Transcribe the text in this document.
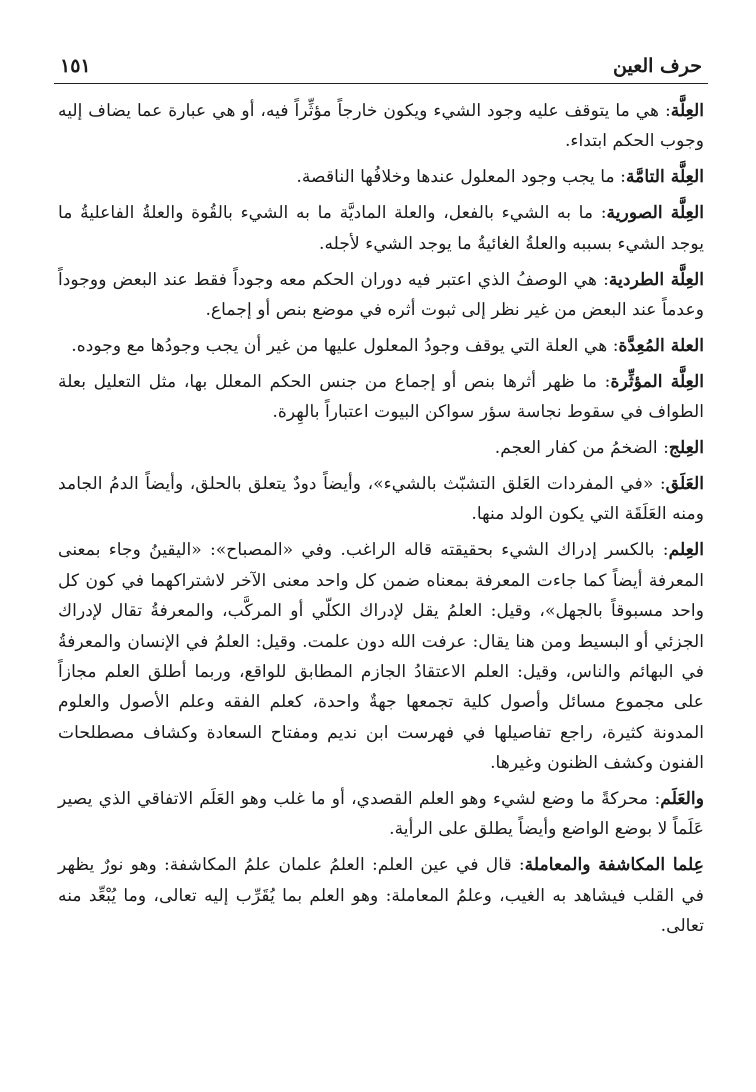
حرف العين
١٥١

العِلَّة: هي ما يتوقف عليه وجود الشيء ويكون خارجاً مؤثِّراً فيه، أو هي عبارة عما يضاف إليه وجوب الحكم ابتداء.

العِلَّة التامَّة: ما يجب وجود المعلول عندها وخلافُها الناقصة.

العِلَّة الصورية: ما به الشيء بالفعل، والعلة الماديَّة ما به الشيء بالقُوة والعلةُ الفاعليةُ ما يوجد الشيء بسببه والعلةُ الغائيةُ ما يوجد الشيء لأجله.

العِلَّة الطردية: هي الوصفُ الذي اعتبر فيه دوران الحكم معه وجوداً فقط عند البعض ووجوداً وعدماً عند البعض من غير نظر إلى ثبوت أثره في موضع بنص أو إجماع.

العلة المُعِدَّة: هي العلة التي يوقف وجودُ المعلول عليها من غير أن يجب وجودُها مع وجوده.

العِلَّة المؤثِّرة: ما ظهر أثرها بنص أو إجماع من جنس الحكم المعلل بها، مثل التعليل بعلة الطواف في سقوط نجاسة سؤر سواكن البيوت اعتباراً بالهِرة.

العِلج: الضخمُ من كفار العجم.

العَلَق: «في المفردات العَلق التشبّث بالشيء»، وأيضاً دودٌ يتعلق بالحلق، وأيضاً الدمُ الجامد ومنه العَلَقَة التي يكون الولد منها.

العِلم: بالكسر إدراك الشيء بحقيقته قاله الراغب. وفي «المصباح»: «اليقينُ وجاء بمعنى المعرفة أيضاً كما جاءت المعرفة بمعناه ضمن كل واحد معنى الآخر لاشتراكهما في كون كل واحد مسبوقاً بالجهل»، وقيل: العلمُ يقل لإدراك الكلّي أو المركَّب، والمعرفةُ تقال لإدراك الجزئي أو البسيط ومن هنا يقال: عرفت الله دون علمت. وقيل: العلمُ في الإنسان والمعرفةُ في البهائم والناس، وقيل: العلم الاعتقادُ الجازم المطابق للواقع، وربما أطلق العلم مجازاً على مجموع مسائل وأصول كلية تجمعها جهةٌ واحدة، كعلم الفقه وعلم الأصول والعلوم المدونة كثيرة، راجع تفاصيلها في فهرست ابن نديم ومفتاح السعادة وكشاف مصطلحات الفنون وكشف الظنون وغيرها.

والعَلَم: محركةً ما وضع لشيء وهو العلم القصدي، أو ما غلب وهو العَلَم الاتفاقي الذي يصير عَلَماً لا بوضع الواضع وأيضاً يطلق على الرأية.

عِلما المكاشفة والمعاملة: قال في عين العلم: العلمُ علمان علمُ المكاشفة: وهو نورٌ يظهر في القلب فيشاهد به الغيب، وعلمُ المعاملة: وهو العلم بما يُقَرِّب إليه تعالى، وما يُبْعِّد منه تعالى.
